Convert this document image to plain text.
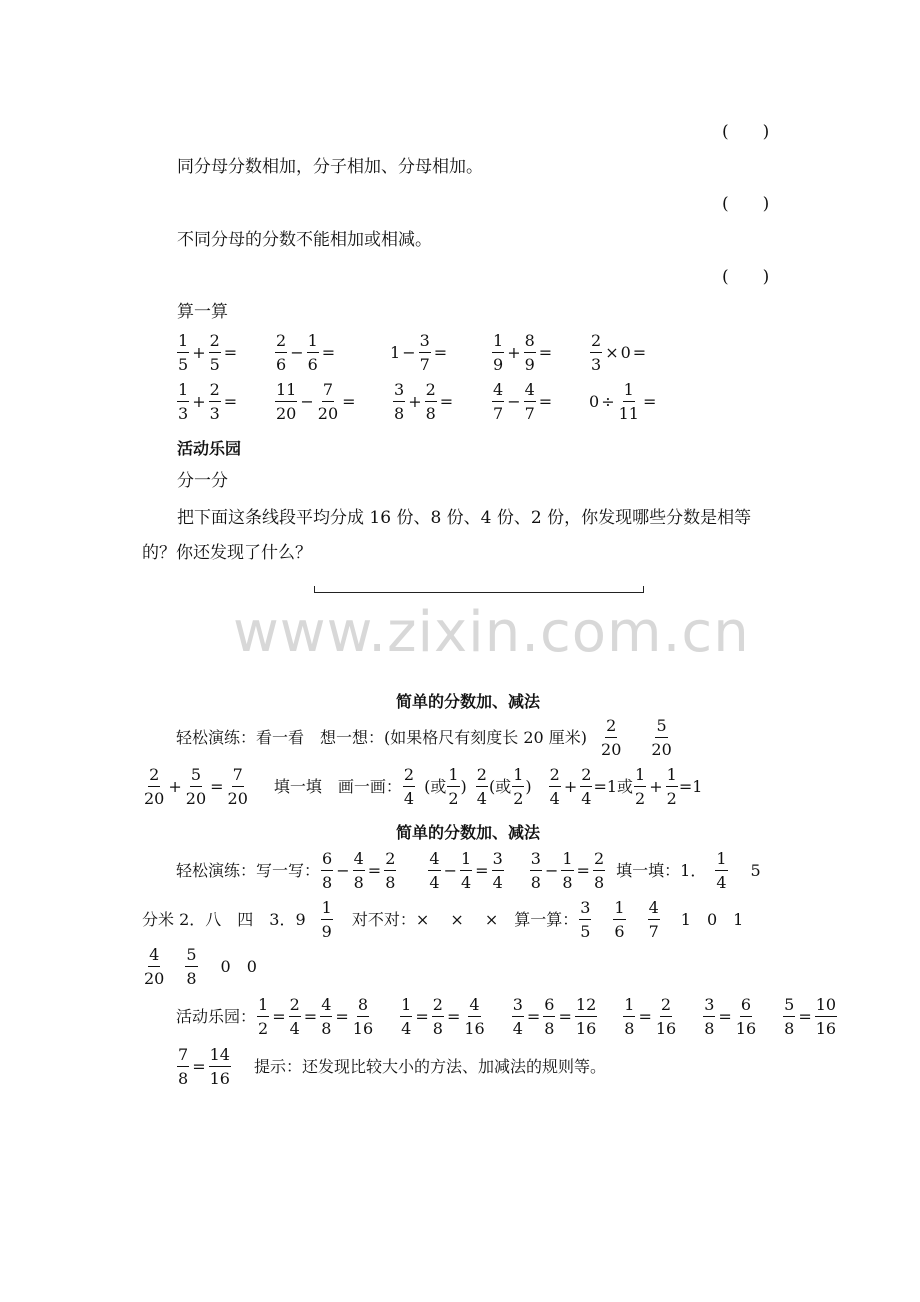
(　　)
同分母分数相加，分子相加、分母相加。
(　　)
不同分母的分数不能相加或相减。
(　　)
算一算
$\frac{1}{5} + \frac{2}{5} = \frac{2}{6} - \frac{1}{6}$ =	$1 - \frac{3}{7}$ =	$\frac{1}{9} + \frac{8}{9} = \frac{2}{3} \times 0$ =
$\frac{1}{3} + \frac{2}{3} = \frac{11}{20} - \frac{7}{20} = \frac{3}{8} + \frac{2}{8} = \frac{4}{7} - \frac{4}{7} = 0 \div \frac{1}{11}$ =
活动乐园
分一分
把下面这条线段平均分成 16 份、8 份、4 份、2 份，你发现哪些分数是相等
的？你还发现了什么？
www.zixin.com.cn
简单的分数加、减法
轻松演练：看一看　想一想：(如果格尺有刻度长 20 厘米) $\frac{2}{20} \frac{5}{20}$
$\frac{2}{20} + \frac{5}{20} = \frac{7}{20}$ 填一填　画一画： $\frac{2}{4}$ (或 $\frac{1}{2}$ ) $\frac{2}{4}$ (或 $\frac{1}{2}$ ) $\frac{2}{4} + \frac{2}{4} =1$ 或 $\frac{1}{2} + \frac{1}{2} =1$
简单的分数加、减法
轻松演练：写一写： $\frac{6}{8} - \frac{4}{8} = \frac{2}{8} \frac{4}{4} - \frac{1}{4} = \frac{3}{4} \frac{3}{8} - \frac{1}{8} = \frac{2}{8}$ 填一填：1． $\frac{1}{4} 5$
分米 2．八　四　3．$9 \frac{1}{9}$ 对不对：×　 ×　 ×　算一算： $\frac{3}{5} \frac{1}{6} \frac{4}{7} 1$　0　1
$\frac{4}{20} \frac{5}{8} 0$　0
活动乐园： $\frac{1}{2} = \frac{2}{4} = \frac{4}{8} = \frac{8}{16} \frac{1}{4} = \frac{2}{8} = \frac{4}{16} \frac{3}{4} = \frac{6}{8} = \frac{12}{16} \frac{1}{8} = \frac{2}{16} \frac{3}{8} = \frac{6}{16} \frac{5}{8} = \frac{10}{16}$
$\frac{7}{8} = \frac{14}{16}$ 提示：还发现比较大小的方法、加减法的规则等。
